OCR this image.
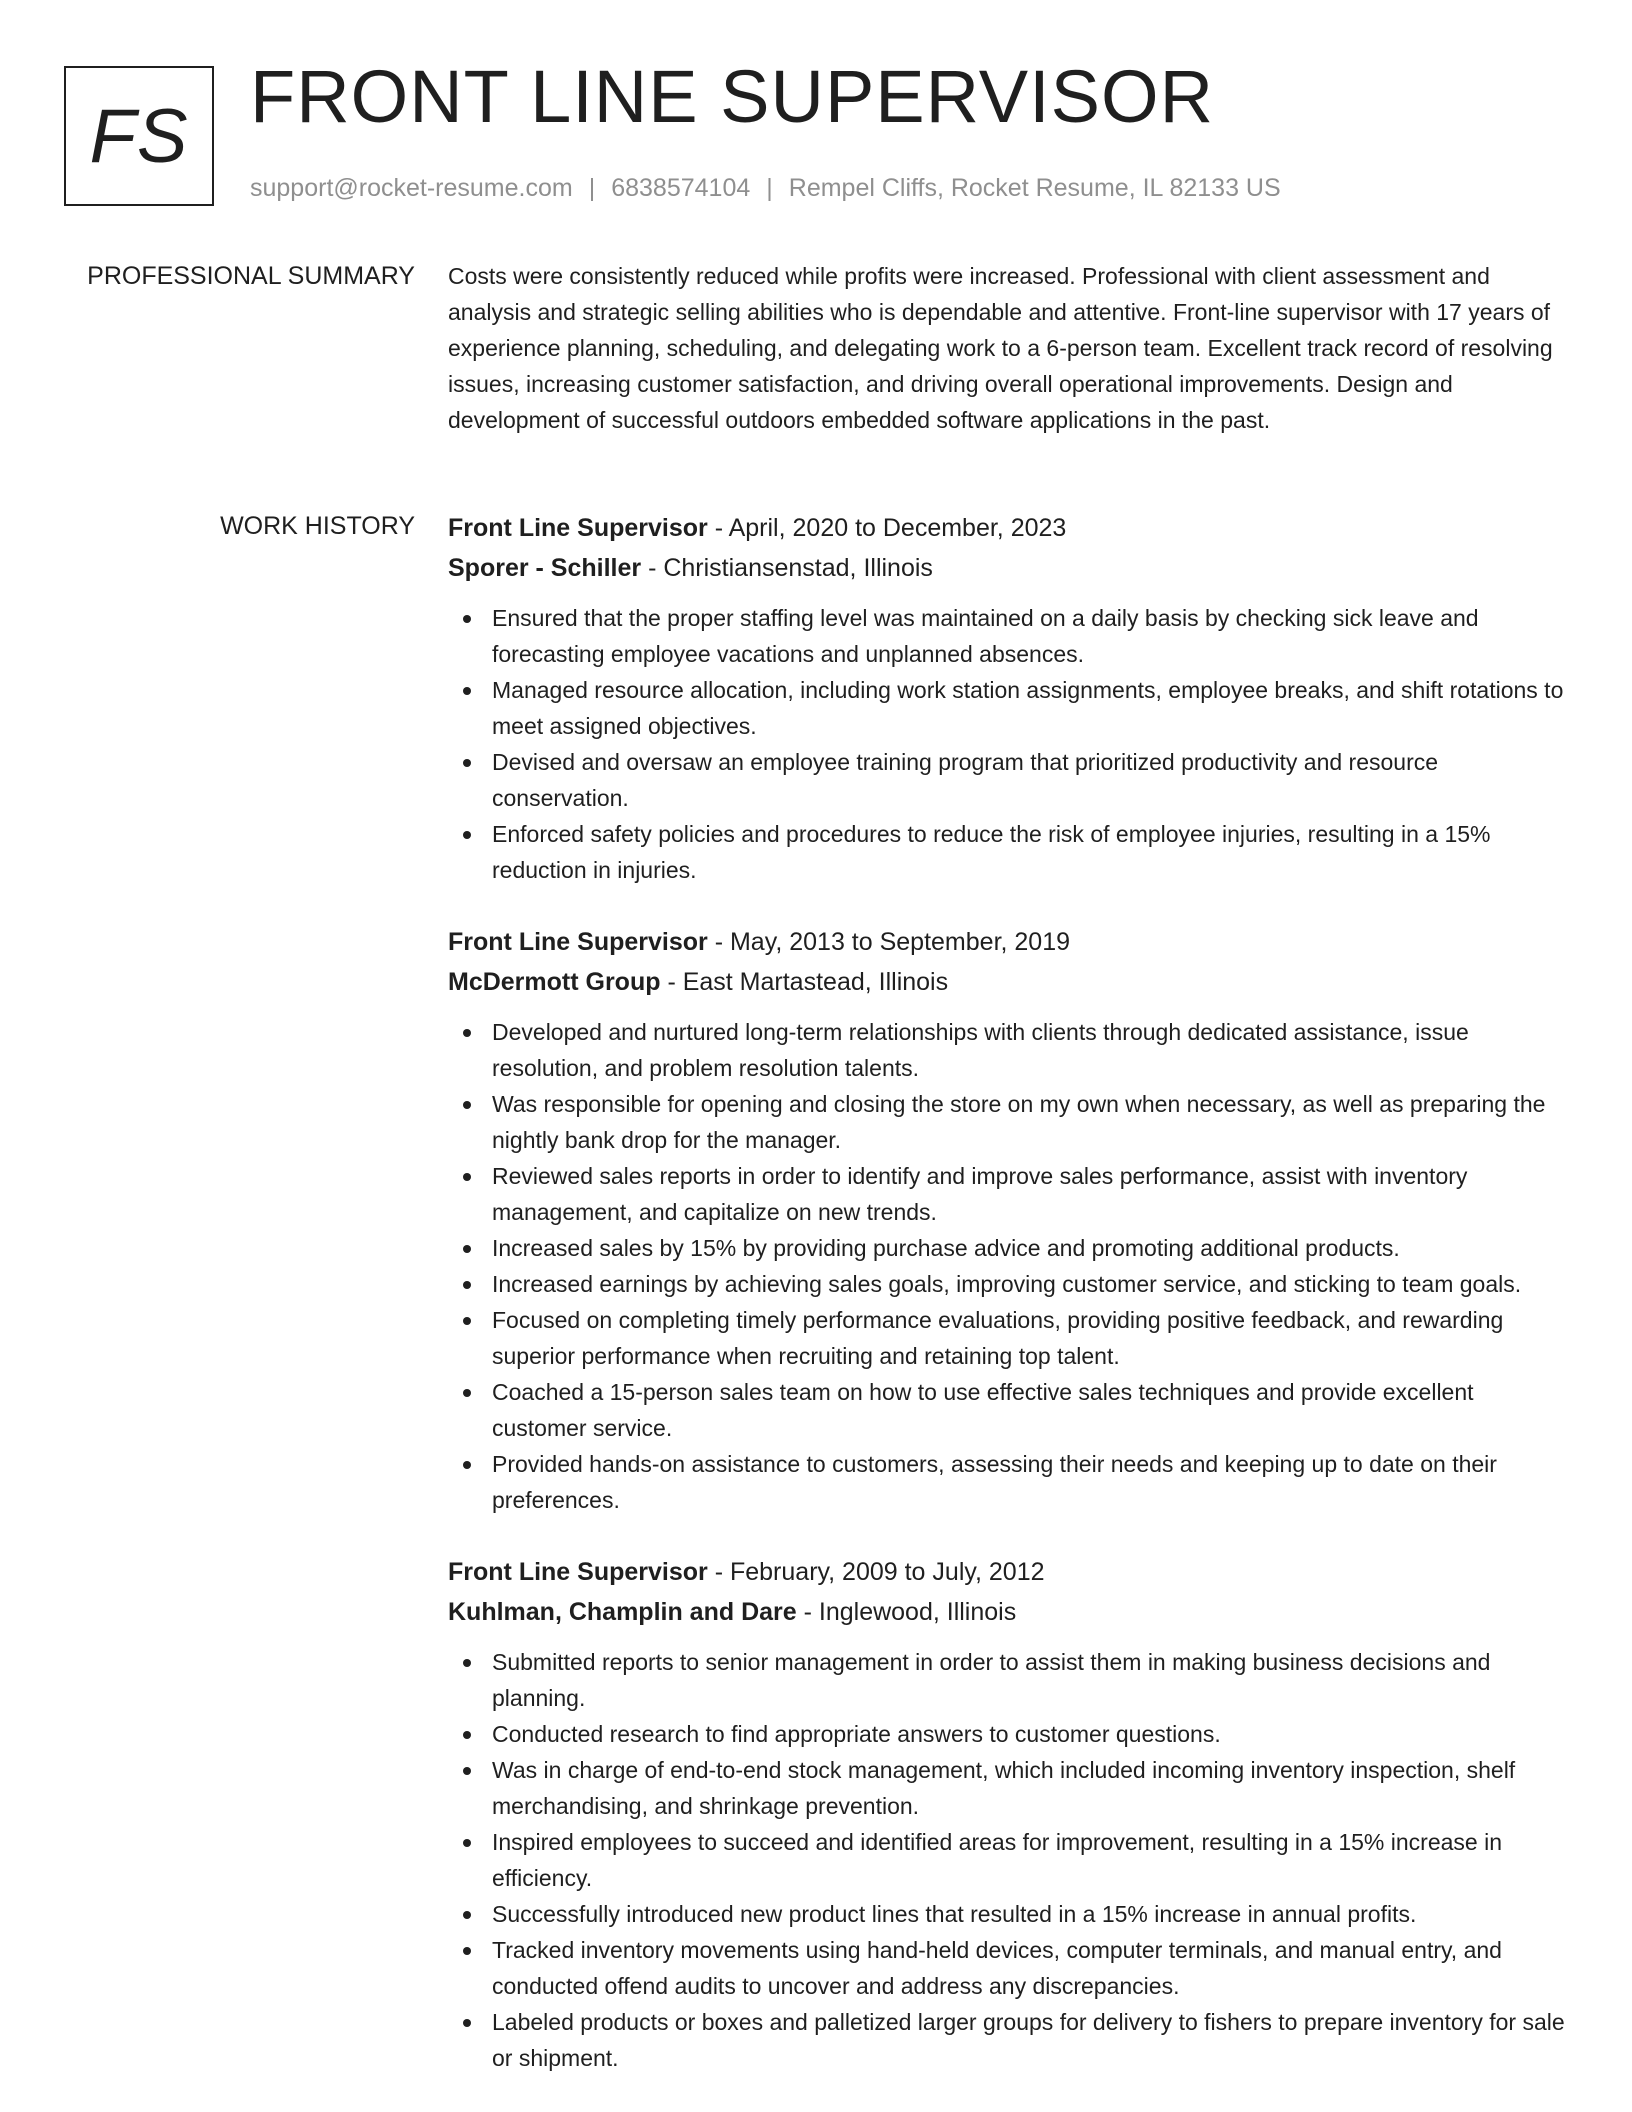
FS FRONT LINE SUPERVISOR
support@rocket-resume.com | 6838574104 | Rempel Cliffs, Rocket Resume, IL 82133 US
PROFESSIONAL SUMMARY Costs were consistently reduced while profits were increased. Professional with client assessment and analysis and strategic selling abilities who is dependable and attentive. Front-line supervisor with 17 years of experience planning, scheduling, and delegating work to a 6-person team. Excellent track record of resolving issues, increasing customer satisfaction, and driving overall operational improvements. Design and development of successful outdoors embedded software applications in the past.

WORK HISTORY Front Line Supervisor - April, 2020 to December, 2023
Sporer - Schiller - Christiansenstad, Illinois
Ensured that the proper staffing level was maintained on a daily basis by checking sick leave and forecasting employee vacations and unplanned absences.
Managed resource allocation, including work station assignments, employee breaks, and shift rotations to meet assigned objectives.
Devised and oversaw an employee training program that prioritized productivity and resource conservation.
Enforced safety policies and procedures to reduce the risk of employee injuries, resulting in a 15% reduction in injuries.
Front Line Supervisor - May, 2013 to September, 2019
McDermott Group - East Martastead, Illinois
Developed and nurtured long-term relationships with clients through dedicated assistance, issue resolution, and problem resolution talents.
Was responsible for opening and closing the store on my own when necessary, as well as preparing the nightly bank drop for the manager.
Reviewed sales reports in order to identify and improve sales performance, assist with inventory management, and capitalize on new trends.
Increased sales by 15% by providing purchase advice and promoting additional products.
Increased earnings by achieving sales goals, improving customer service, and sticking to team goals.
Focused on completing timely performance evaluations, providing positive feedback, and rewarding superior performance when recruiting and retaining top talent.
Coached a 15-person sales team on how to use effective sales techniques and provide excellent customer service.
Provided hands-on assistance to customers, assessing their needs and keeping up to date on their preferences.
Front Line Supervisor - February, 2009 to July, 2012
Kuhlman, Champlin and Dare - Inglewood, Illinois
Submitted reports to senior management in order to assist them in making business decisions and planning.
Conducted research to find appropriate answers to customer questions.
Was in charge of end-to-end stock management, which included incoming inventory inspection, shelf merchandising, and shrinkage prevention.
Inspired employees to succeed and identified areas for improvement, resulting in a 15% increase in efficiency.
Successfully introduced new product lines that resulted in a 15% increase in annual profits.
Tracked inventory movements using hand-held devices, computer terminals, and manual entry, and conducted offend audits to uncover and address any discrepancies.
Labeled products or boxes and palletized larger groups for delivery to fishers to prepare inventory for sale or shipment.
